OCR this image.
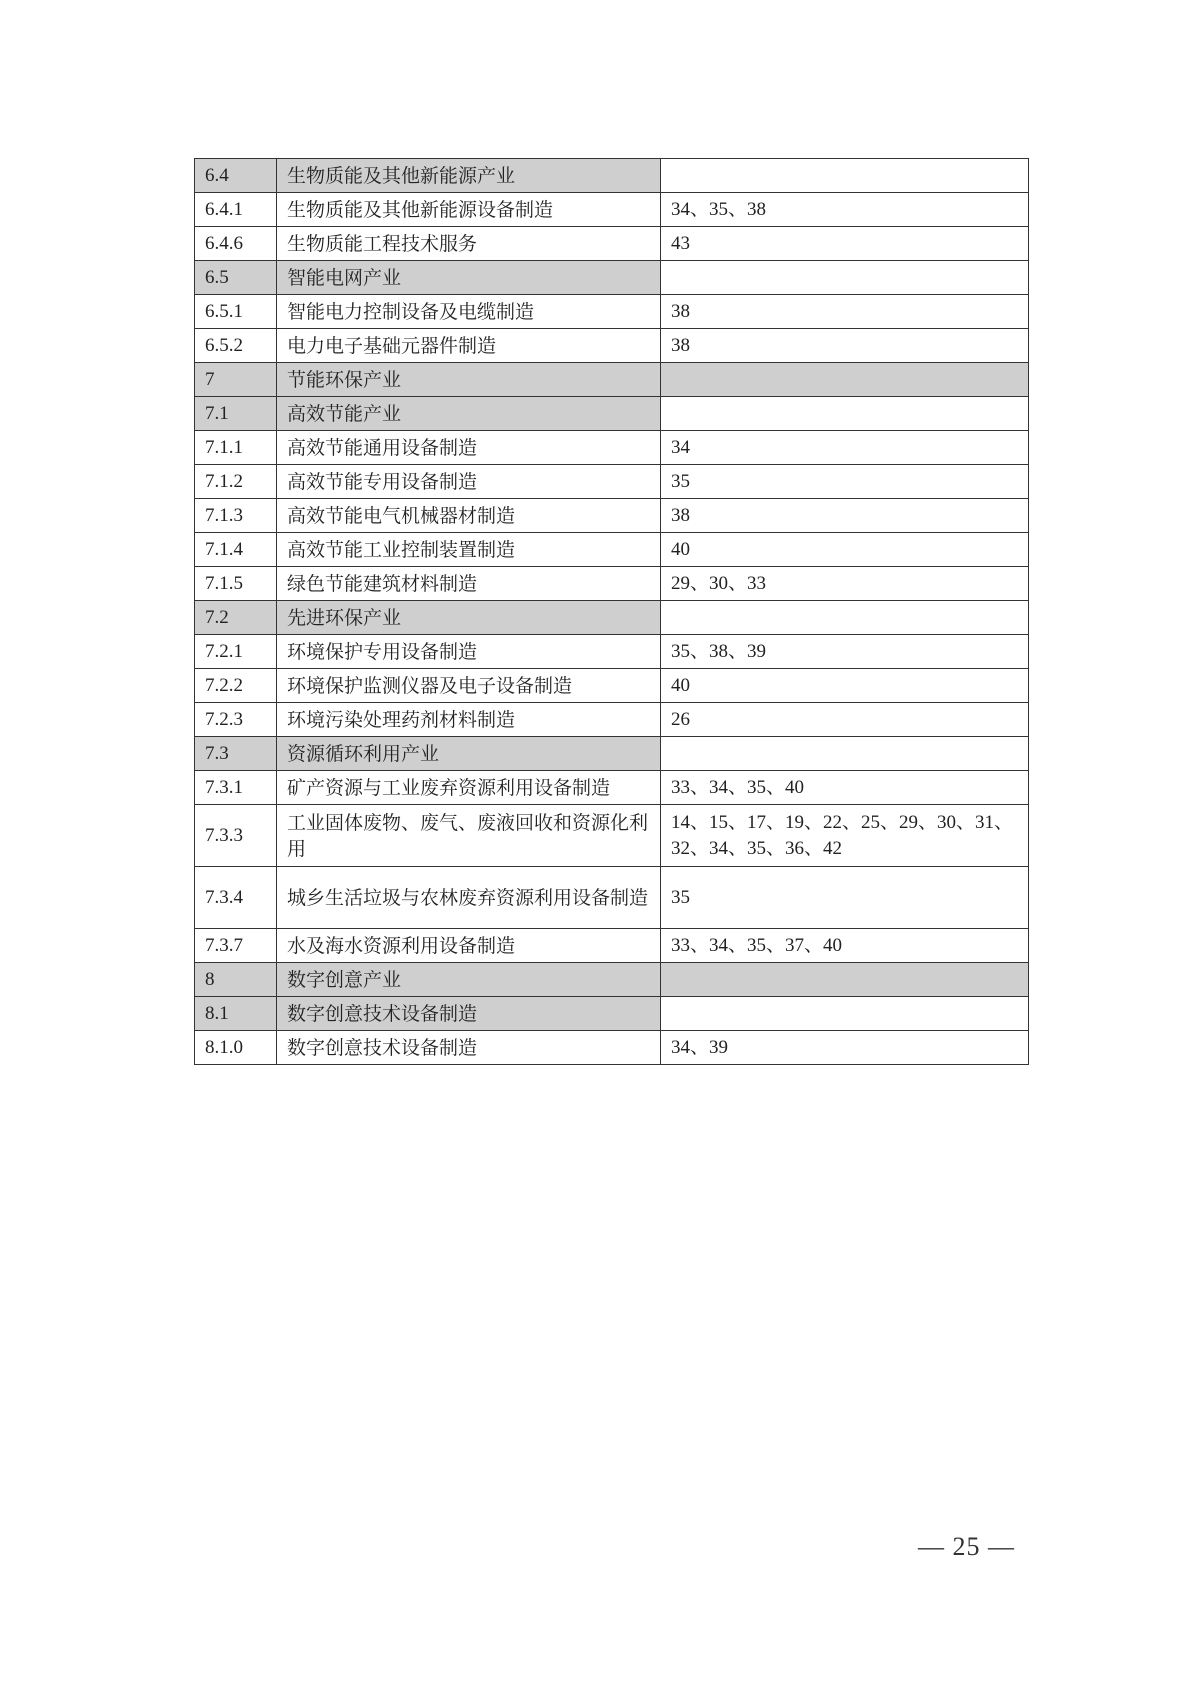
6.4	生物质能及其他新能源产业	
6.4.1	生物质能及其他新能源设备制造	34、35、38
6.4.6	生物质能工程技术服务	43
6.5	智能电网产业	
6.5.1	智能电力控制设备及电缆制造	38
6.5.2	电力电子基础元器件制造	38
7	节能环保产业	
7.1	高效节能产业	
7.1.1	高效节能通用设备制造	34
7.1.2	高效节能专用设备制造	35
7.1.3	高效节能电气机械器材制造	38
7.1.4	高效节能工业控制装置制造	40
7.1.5	绿色节能建筑材料制造	29、30、33
7.2	先进环保产业	
7.2.1	环境保护专用设备制造	35、38、39
7.2.2	环境保护监测仪器及电子设备制造	40
7.2.3	环境污染处理药剂材料制造	26
7.3	资源循环利用产业	
7.3.1	矿产资源与工业废弃资源利用设备制造	33、34、35、40
7.3.3	工业固体废物、废气、废液回收和资源化利用	14、15、17、19、22、25、29、30、31、32、34、35、36、42
7.3.4	城乡生活垃圾与农林废弃资源利用设备制造	35
7.3.7	水及海水资源利用设备制造	33、34、35、37、40
8	数字创意产业	
8.1	数字创意技术设备制造	
8.1.0	数字创意技术设备制造	34、39
— 25 —
